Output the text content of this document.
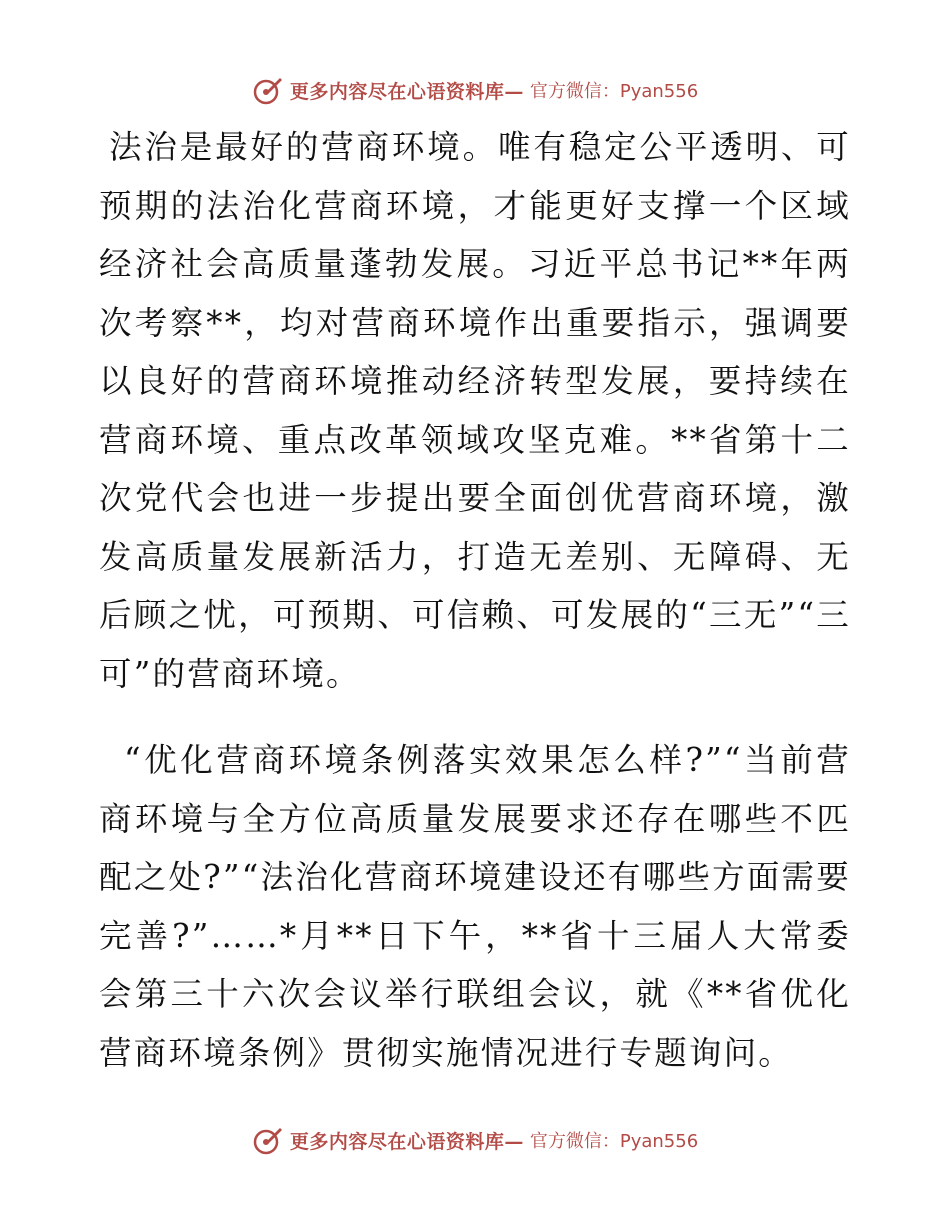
更多内容尽在心语资料库— 官方微信：Pyan556

法治是最好的营商环境。唯有稳定公平透明、可预期的法治化营商环境，才能更好支撑一个区域经济社会高质量蓬勃发展。习近平总书记**年两次考察**，均对营商环境作出重要指示，强调要以良好的营商环境推动经济转型发展，要持续在营商环境、重点改革领域攻坚克难。**省第十二次党代会也进一步提出要全面创优营商环境，激发高质量发展新活力，打造无差别、无障碍、无后顾之忧，可预期、可信赖、可发展的“三无”“三可”的营商环境。

“优化营商环境条例落实效果怎么样?”“当前营商环境与全方位高质量发展要求还存在哪些不匹配之处?”“法治化营商环境建设还有哪些方面需要完善?”……*月**日下午，**省十三届人大常委会第三十六次会议举行联组会议，就《**省优化营商环境条例》贯彻实施情况进行专题询问。

更多内容尽在心语资料库— 官方微信：Pyan556
